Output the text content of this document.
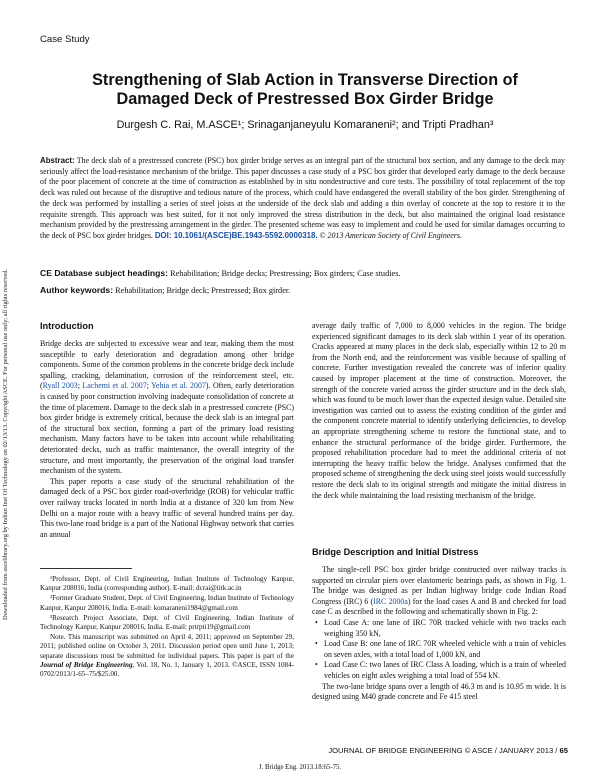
Downloaded from ascelibrary.org by Indian Inst Of Technology on 02/13/13. Copyright ASCE. For personal use only; all rights reserved.
Case Study
Strengthening of Slab Action in Transverse Direction of
Damaged Deck of Prestressed Box Girder Bridge
Durgesh C. Rai, M.ASCE¹; Srinaganjaneyulu Komaraneni²; and Tripti Pradhan³
Abstract: The deck slab of a prestressed concrete (PSC) box girder bridge serves as an integral part of the structural box section, and any damage to the deck may seriously affect the load-resistance mechanism of the bridge. This paper discusses a case study of a PSC box girder that developed early damage to the deck because of the poor placement of concrete at the time of construction as established by in situ nondestructive and core tests. The possibility of total replacement of the top deck was ruled out because of the disruptive and tedious nature of the process, which could have endangered the overall stability of the box girder. Strengthening of the deck was performed by installing a series of steel joists at the underside of the deck slab and adding a thin overlay of concrete at the top to restore it to the requisite strength. This approach was best suited, for it not only improved the stress distribution in the deck, but also maintained the original load resistance mechanism provided by the prestressing arrangement in the girder. The presented scheme was easy to implement and could be used for similar damages occurring to the deck of PSC box girder bridges. DOI: 10.1061/(ASCE)BE.1943-5592.0000318. © 2013 American Society of Civil Engineers.
CE Database subject headings: Rehabilitation; Bridge decks; Prestressing; Box girders; Case studies.
Author keywords: Rehabilitation; Bridge deck; Prestressed; Box girder.
Introduction

Bridge decks are subjected to excessive wear and tear, making them the most susceptible to early deterioration and degradation among other bridge components. Some of the common problems in the concrete bridge deck include spalling, cracking, delamination, corrosion of the reinforcement steel, etc. (Ryall 2003; Lachemi et al. 2007; Yehia et al. 2007). Often, early deterioration is caused by poor construction involving inadequate consolidation of concrete at the time of placement. Damage to the deck slab in a prestressed concrete (PSC) box girder bridge is extremely critical, because the deck slab is an integral part of the structural box section, forming a part of the primary load resisting mechanism. Many factors have to be taken into account while rehabilitating deteriorated decks, such as traffic maintenance, the overall integrity of the structure, and most importantly, the preservation of the original load transfer mechanism of the system.

This paper reports a case study of the structural rehabilitation of the damaged deck of a PSC box girder road-overbridge (ROB) for vehicular traffic over railway tracks located in north India at a distance of 320 km from New Delhi on a major route with a heavy traffic of several hundred trains per day. This two-lane road bridge is a part of the National Highway network that carries an annual

¹Professor, Dept. of Civil Engineering, Indian Institute of Technology Kanpur, Kanpur 208016, India (corresponding author). E-mail: dcrai@iitk.ac.in

²Former Graduate Student, Dept. of Civil Engineering, Indian Institute of Technology Kanpur, Kanpur 208016, India. E-mail: komaraneni1984@gmail.com

³Research Project Associate, Dept. of Civil Engineering, Indian Institute of Technology Kanpur, Kanpur 208016, India. E-mail: prtrpti19@gmail.com

Note. This manuscript was submitted on April 4, 2011; approved on September 29, 2011; published online on October 3, 2011. Discussion period open until June 1, 2013; separate discussions must be submitted for individual papers. This paper is part of the Journal of Bridge Engineering, Vol. 18, No. 1, January 1, 2013. ©ASCE, ISSN 1084-0702/2013/1-65–75/$25.00.

average daily traffic of 7,000 to 8,000 vehicles in the region. The bridge experienced significant damages to its deck slab within 1 year of its operation. Cracks appeared at many places in the deck slab, especially within 12 to 20 m from the North end, and the reinforcement was visible because of spalling of concrete. Further investigation revealed the concrete was of inferior quality caused by improper placement at the time of construction. Moreover, the strength of the concrete varied across the girder structure and in the deck slab, which was found to be much lower than the expected design value. Detailed site investigation was carried out to assess the existing condition of the girder and the component concrete material to identify underlying deficiencies, to develop an appropriate strengthening scheme to restore the functional state, and to enhance the structural performance of the bridge girder. Furthermore, the proposed rehabilitation procedure had to meet the additional criteria of not interrupting the heavy traffic below the bridge. Analyses confirmed that the proposed scheme of strengthening the deck using steel joists would successfully restore the deck slab to its original strength and mitigate the initial distress in the deck while maintaining the load resisting mechanism of the bridge.

Bridge Description and Initial Distress

The single-cell PSC box girder bridge constructed over railway tracks is supported on circular piers over elastomeric bearings pads, as shown in Fig. 1. The bridge was designed as per Indian highway bridge code Indian Road Congress (IRC) 6 (IRC 2000a) for the load cases A and B and checked for load case C as described in the following and schematically shown in Fig. 2:

• Load Case A: one lane of IRC 70R tracked vehicle with two tracks each weighing 350 kN,
• Load Case B: one lane of IRC 70R wheeled vehicle with a train of vehicles on seven axles, with a total load of 1,000 kN, and
• Load Case C: two lanes of IRC Class A loading, which is a train of wheeled vehicles on eight axles weighing a total load of 554 kN.

The two-lane bridge spans over a length of 46.3 m and is 10.95 m wide. It is designed using M40 grade concrete and Fe 415 steel

JOURNAL OF BRIDGE ENGINEERING © ASCE / JANUARY 2013 / 65
J. Bridge Eng. 2013.18:65-75.
